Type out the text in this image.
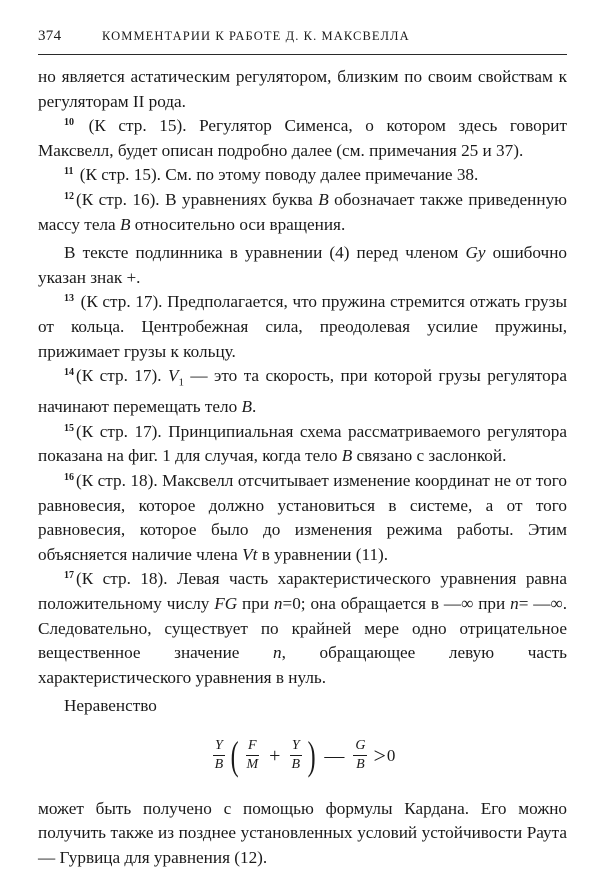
374	КОММЕНТАРИИ К РАБОТЕ Д. К. МАКСВЕЛЛА

но является астатическим регулятором, близким по своим свойствам к регуляторам II рода.

$^{10}$ (К стр. 15). Регулятор Сименса, о котором здесь говорит Максвелл, будет описан подробно далее (см. примечания 25 и 37).

$^{11}$ (К стр. 15). См. по этому поводу далее примечание 38.

$^{12}$ (К стр. 16). В уравнениях буква B обозначает также приведенную массу тела B относительно оси вращения.

В тексте подлинника в уравнении (4) перед членом Gy ошибочно указан знак +.

$^{13}$ (К стр. 17). Предполагается, что пружина стремится отжать грузы от кольца. Центробежная сила, преодолевая усилие пружины, прижимает грузы к кольцу.

$^{14}$ (К стр. 17). $V_1$ — это та скорость, при которой грузы регулятора начинают перемещать тело B.

$^{15}$ (К стр. 17). Принципиальная схема рассматриваемого регулятора показана на фиг. 1 для случая, когда тело B связано с заслонкой.

$^{16}$ (К стр. 18). Максвелл отсчитывает изменение координат не от того равновесия, которое должно установиться в системе, а от того равновесия, которое было до изменения режима работы. Этим объясняется наличие члена Vt в уравнении (11).

$^{17}$ (К стр. 18). Левая часть характеристического уравнения равна положительному числу FG при n=0; она обращается в —∞ при n= —∞. Следовательно, существует по крайней мере одно отрицательное вещественное значение n, обращающее левую часть характеристического уравнения в нуль.

Неравенство

$\frac{Y}{B}$ ( $\frac{F}{M} + \frac{Y}{B}$ ) — $\frac{G}{B} > 0$

может быть получено с помощью формулы Кардана. Его можно получить также из позднее установленных условий устойчивости Раута — Гурвица для уравнения (12).
